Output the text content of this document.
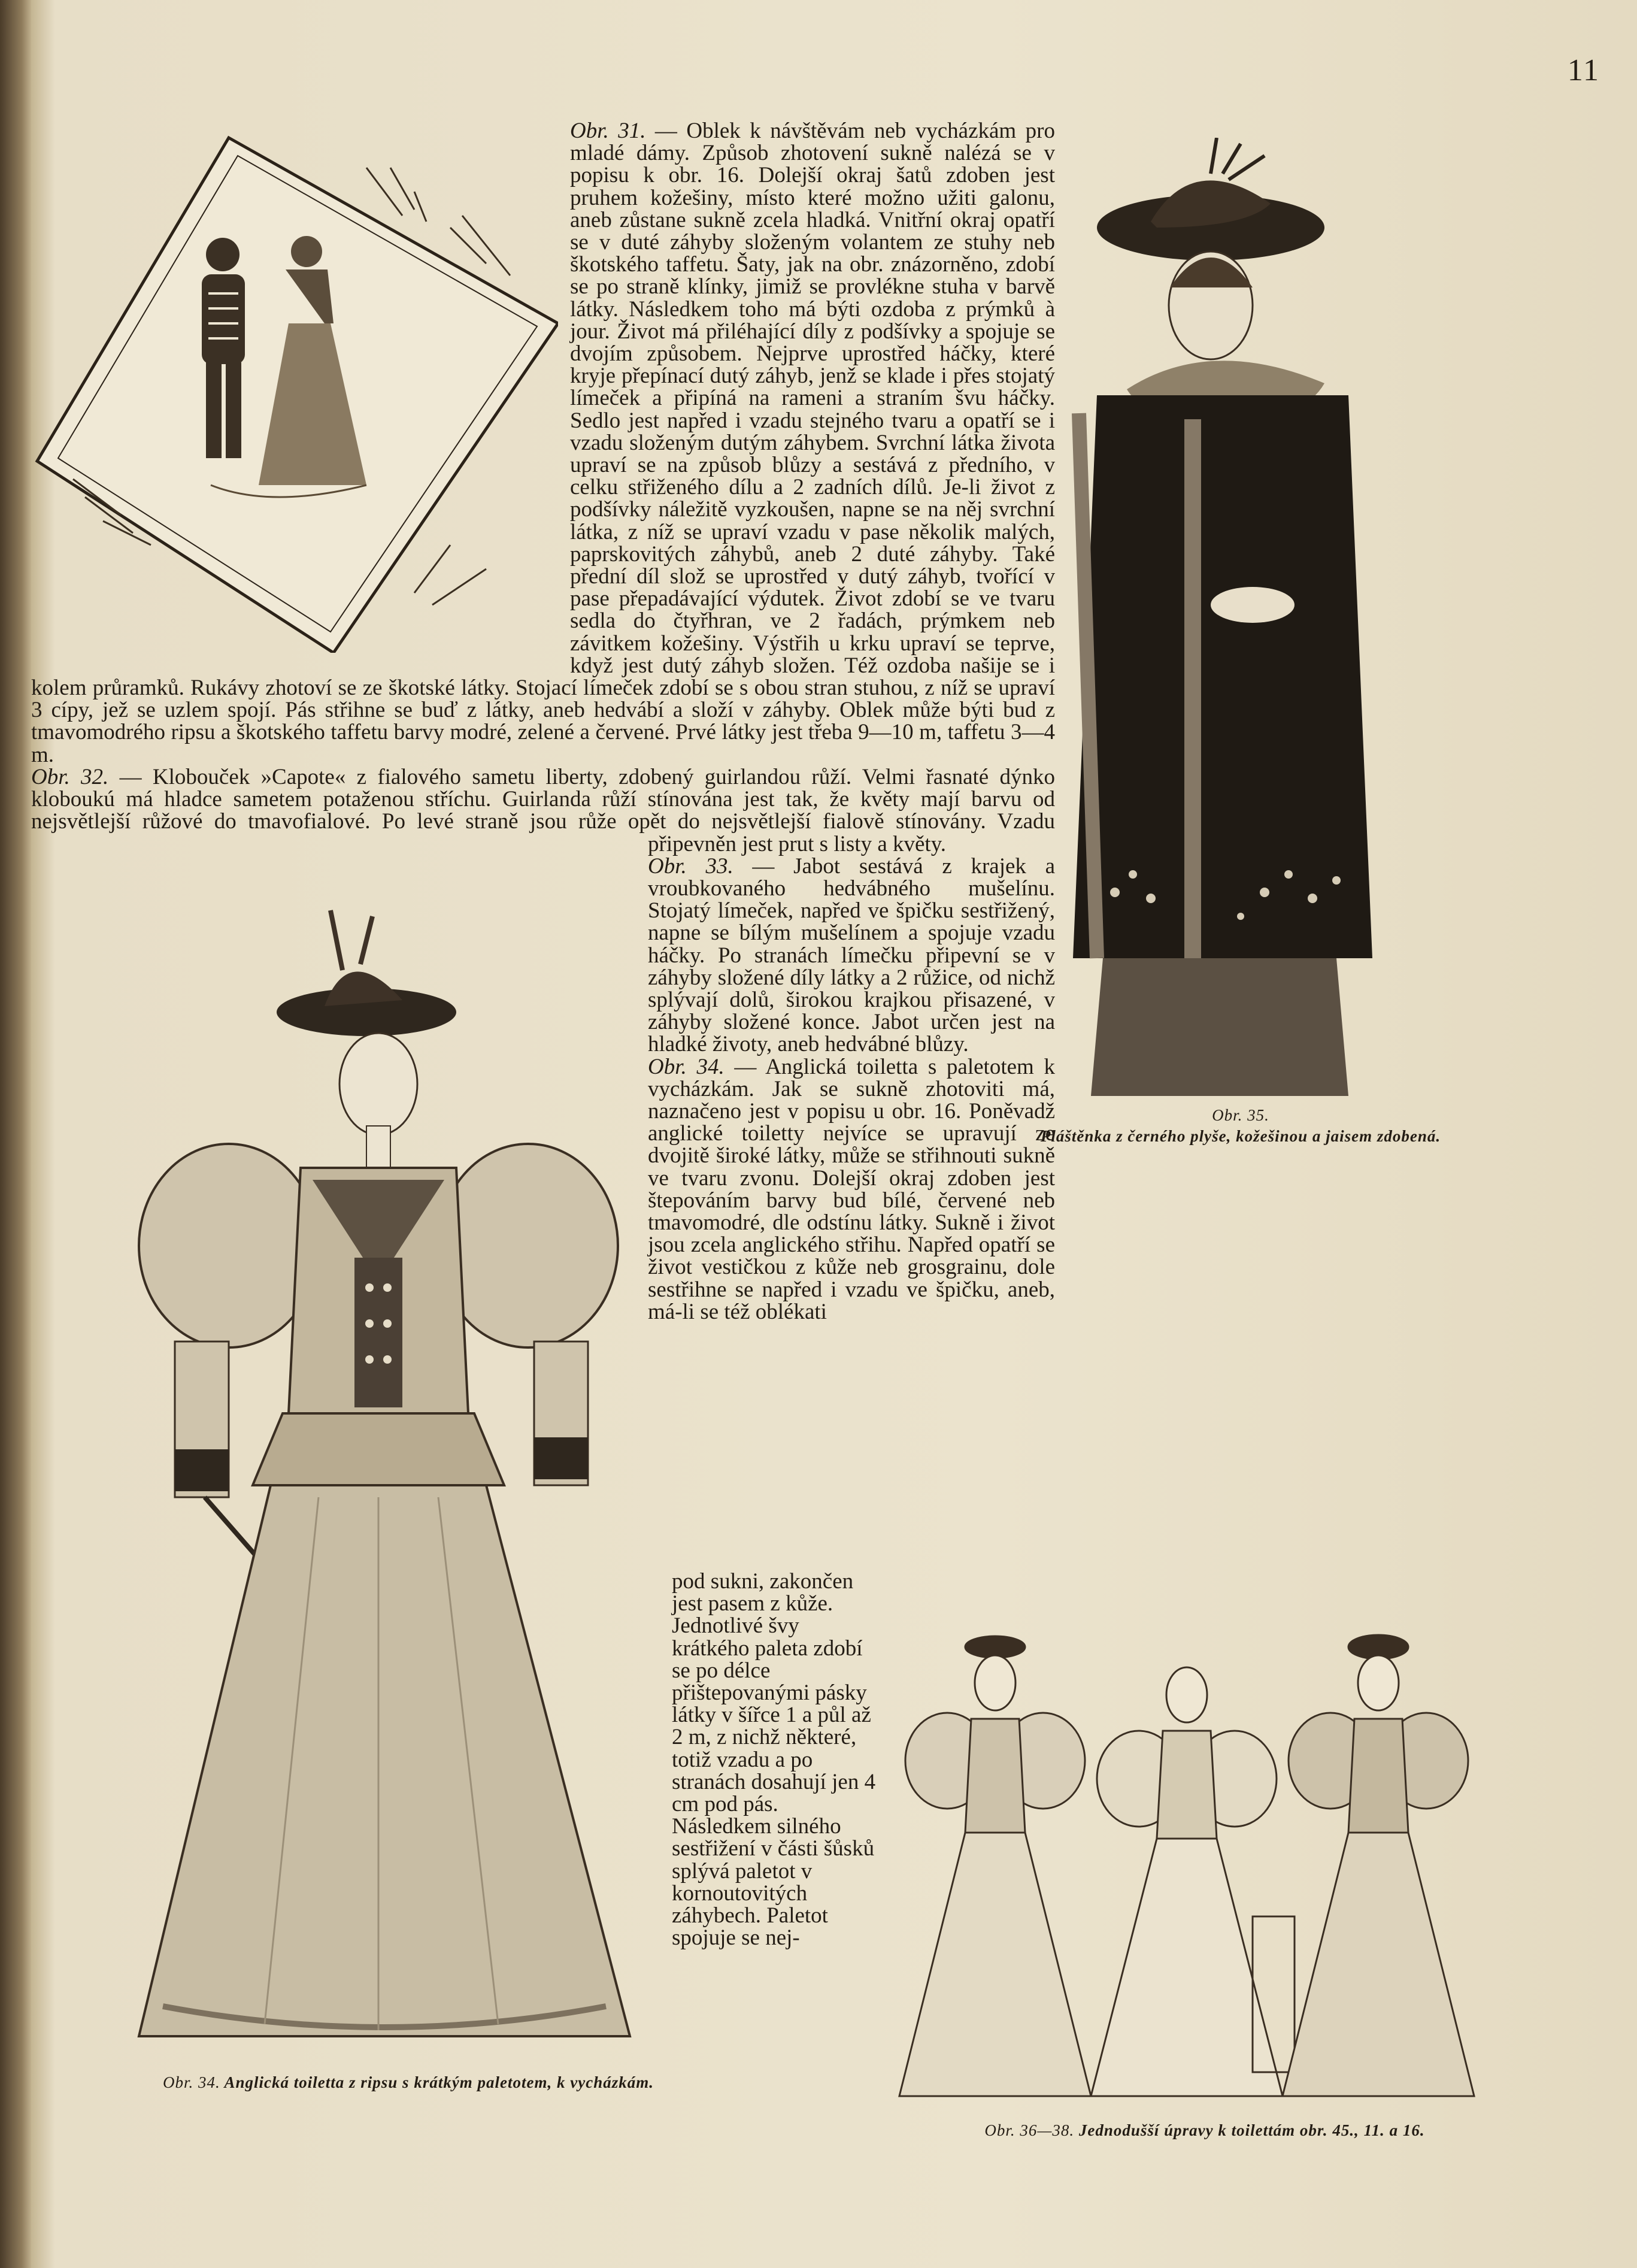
11
Obr. 35.
Pláštěnka z černého plyše, kožešinou a jaisem zdobená.
Obr. 34. Anglická toiletta z ripsu s krátkým paletotem, k vycházkám.
Obr. 36—38. Jednodušší úpravy k toilettám obr. 45., 11. a 16.

Obr. 31. — Oblek k návštěvám neb vycházkám pro mladé dámy. Způsob zhotovení sukně nalézá se v popisu k obr. 16. Dolejší okraj šatů zdoben jest pruhem kožešiny, místo které možno užiti galonu, aneb zůstane sukně zcela hladká. Vnitřní okraj opatří se v duté záhyby složeným volantem ze stuhy neb škotského taffetu. Šaty, jak na obr. znázorněno, zdobí se po straně klínky, jimiž se provlékne stuha v barvě látky. Následkem toho má býti ozdoba z prýmků à jour. Život má přiléhající díly z podšívky a spojuje se dvojím způsobem. Nejprve uprostřed háčky, které kryje přepínací dutý záhyb, jenž se klade i přes stojatý límeček a připíná na rameni a straním švu háčky. Sedlo jest napřed i vzadu stejného tvaru a opatří se i vzadu složeným dutým záhybem. Svrchní látka života upraví se na způsob blůzy a sestává z předního, v celku střiženého dílu a 2 zadních dílů. Je-li život z podšívky náležitě vyzkoušen, napne se na něj svrchní látka, z níž se upraví vzadu v pase několik malých, paprskovitých záhybů, aneb 2 duté záhyby. Také přední díl slož se uprostřed v dutý záhyb, tvořící v pase přepadávající výdutek. Život zdobí se ve tvaru sedla do čtyřhran, ve 2 řadách, prýmkem neb závitkem kožešiny. Výstřih u krku upraví se teprve, když jest dutý záhyb složen. Též ozdoba našije se i kolem průramků. Rukávy zhotoví se ze škotské látky. Stojací límeček zdobí se s obou stran stuhou, z níž se upraví 3 cípy, jež se uzlem spojí. Pás střihne se buď z látky, aneb hedvábí a složí v záhyby. Oblek může býti bud z tmavomodrého ripsu a škotského taffetu barvy modré, zelené a červené. Prvé látky jest třeba 9—10 m, taffetu 3—4 m.

Obr. 32. — Klobouček »Capote« z fialového sametu liberty, zdobený guirlandou růží. Velmi řasnaté dýnko kloboukú má hladce sametem potaženou stříchu. Guirlanda růží stínována jest tak, že květy mají barvu od nejsvětlejší růžové do tmavofialové. Po levé straně jsou růže opět do nejsvětlejší fialově stínovány. Vzadu připevněn jest prut s listy a květy.

Obr. 33. — Jabot sestává z krajek a vroubkovaného hedvábného mušelínu. Stojatý límeček, napřed ve špičku sestřižený, napne se bílým mušelínem a spojuje vzadu háčky. Po stranách límečku připevní se v záhyby složené díly látky a 2 růžice, od nichž splývají dolů, širokou krajkou přisazené, v záhyby složené konce. Jabot určen jest na hladké životy, aneb hedvábné blůzy.

Obr. 34. — Anglická toiletta s paletotem k vycházkám. Jak se sukně zhotoviti má, naznačeno jest v popisu u obr. 16. Poněvadž anglické toiletty nejvíce se upravují ze dvojitě široké látky, může se střihnouti sukně ve tvaru zvonu. Dolejší okraj zdoben jest štepováním barvy bud bílé, červené neb tmavomodré, dle odstínu látky. Sukně i život jsou zcela anglického střihu. Napřed opatří se život vestičkou z kůže neb grosgrainu, dole sestřihne se napřed i vzadu ve špičku, aneb, má-li se též oblékati

pod sukni, zakončen jest pasem z kůže. Jednotlivé švy krátkého paleta zdobí se po délce přištepovanými pásky látky v šířce 1 a půl až 2 m, z nichž některé, totiž vzadu a po stranách dosahují jen 4 cm pod pás. Následkem silného sestřižení v části šůsků splývá paletot v kornoutovitých záhybech. Paletot spojuje se nej-
